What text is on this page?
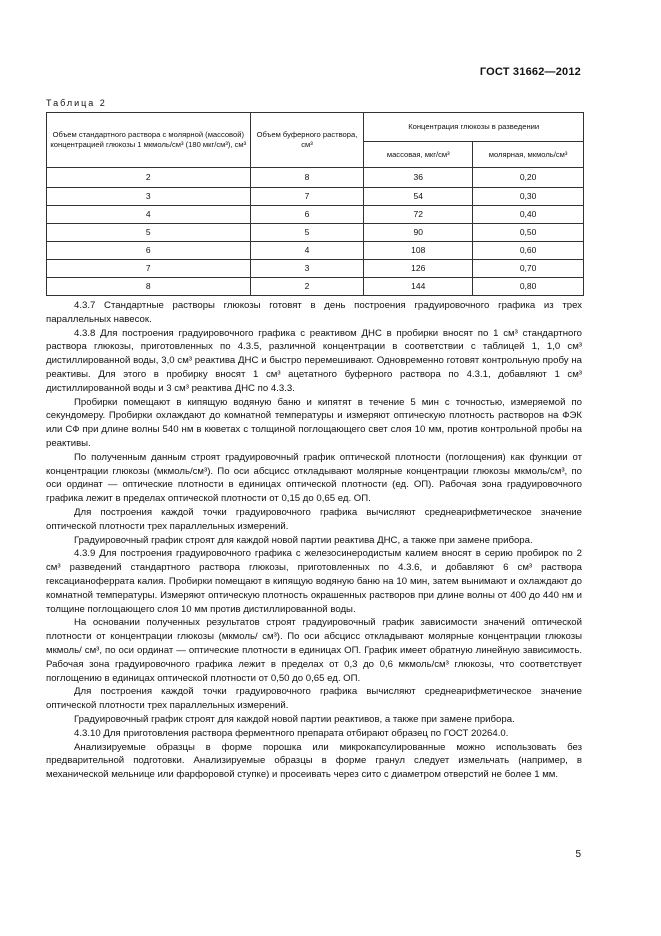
ГОСТ 31662—2012
Таблица 2
Объем стандартного раствора с молярной (массовой) концентрацией глюкозы 1 мкмоль/см³ (180 мкг/см³), см³	Объем буферного раствора, см³	Концентрация глюкозы в разведении	
		массовая, мкг/см³	молярная, мкмоль/см³
2	8	36	0,20
3	7	54	0,30
4	6	72	0,40
5	5	90	0,50
6	4	108	0,60
7	3	126	0,70
8	2	144	0,80

4.3.7 Стандартные растворы глюкозы готовят в день построения градуировочного графика из трех параллельных навесок.

4.3.8 Для построения градуировочного графика с реактивом ДНС в пробирки вносят по 1 см³ стандартного раствора глюкозы, приготовленных по 4.3.5, различной концентрации в соответствии с таблицей 1, 1,0 см³ дистиллированной воды, 3,0 см³ реактива ДНС и быстро перемешивают. Одновременно готовят контрольную пробу на реактивы. Для этого в пробирку вносят 1 см³ ацетатного буферного раствора по 4.3.1, добавляют 1 см³ дистиллированной воды и 3 см³ реактива ДНС по 4.3.3.

Пробирки помещают в кипящую водяную баню и кипятят в течение 5 мин с точностью, измеряемой по секундомеру. Пробирки охлаждают до комнатной температуры и измеряют оптическую плотность растворов на ФЭК или СФ при длине волны 540 нм в кюветах с толщиной поглощающего свет слоя 10 мм, против контрольной пробы на реактивы.

По полученным данным строят градуировочный график оптической плотности (поглощения) как функции от концентрации глюкозы (мкмоль/см³). По оси абсцисс откладывают молярные концентрации глюкозы мкмоль/см³, по оси ординат — оптические плотности в единицах оптической плотности (ед. ОП). Рабочая зона градуировочного графика лежит в пределах оптической плотности от 0,15 до 0,65 ед. ОП.

Для построения каждой точки градуировочного графика вычисляют среднеарифметическое значение оптической плотности трех параллельных измерений.

Градуировочный график строят для каждой новой партии реактива ДНС, а также при замене прибора.

4.3.9 Для построения градуировочного графика с железосинеродистым калием вносят в серию пробирок по 2 см³ разведений стандартного раствора глюкозы, приготовленных по 4.3.6, и добавляют 6 см³ раствора гексацианоферрата калия. Пробирки помещают в кипящую водяную баню на 10 мин, затем вынимают и охлаждают до комнатной температуры. Измеряют оптическую плотность окрашенных растворов при длине волны от 400 до 440 нм и толщине поглощающего слоя 10 мм против дистиллированной воды.

На основании полученных результатов строят градуировочный график зависимости значений оптической плотности от концентрации глюкозы (мкмоль/ см³). По оси абсцисс откладывают молярные концентрации глюкозы мкмоль/ см³, по оси ординат — оптические плотности в единицах ОП. График имеет обратную линейную зависимость. Рабочая зона градуировочного графика лежит в пределах от 0,3 до 0,6 мкмоль/см³ глюкозы, что соответствует поглощению в единицах оптической плотности от 0,50 до 0,65 ед. ОП.

Для построения каждой точки градуировочного графика вычисляют среднеарифметическое значение оптической плотности трех параллельных измерений.

Градуировочный график строят для каждой новой партии реактивов, а также при замене прибора.

4.3.10 Для приготовления раствора ферментного препарата отбирают образец по ГОСТ 20264.0.

Анализируемые образцы в форме порошка или микрокапсулированные можно использовать без предварительной подготовки. Анализируемые образцы в форме гранул следует измельчать (например, в механической мельнице или фарфоровой ступке) и просеивать через сито с диаметром отверстий не более 1 мм.

5
